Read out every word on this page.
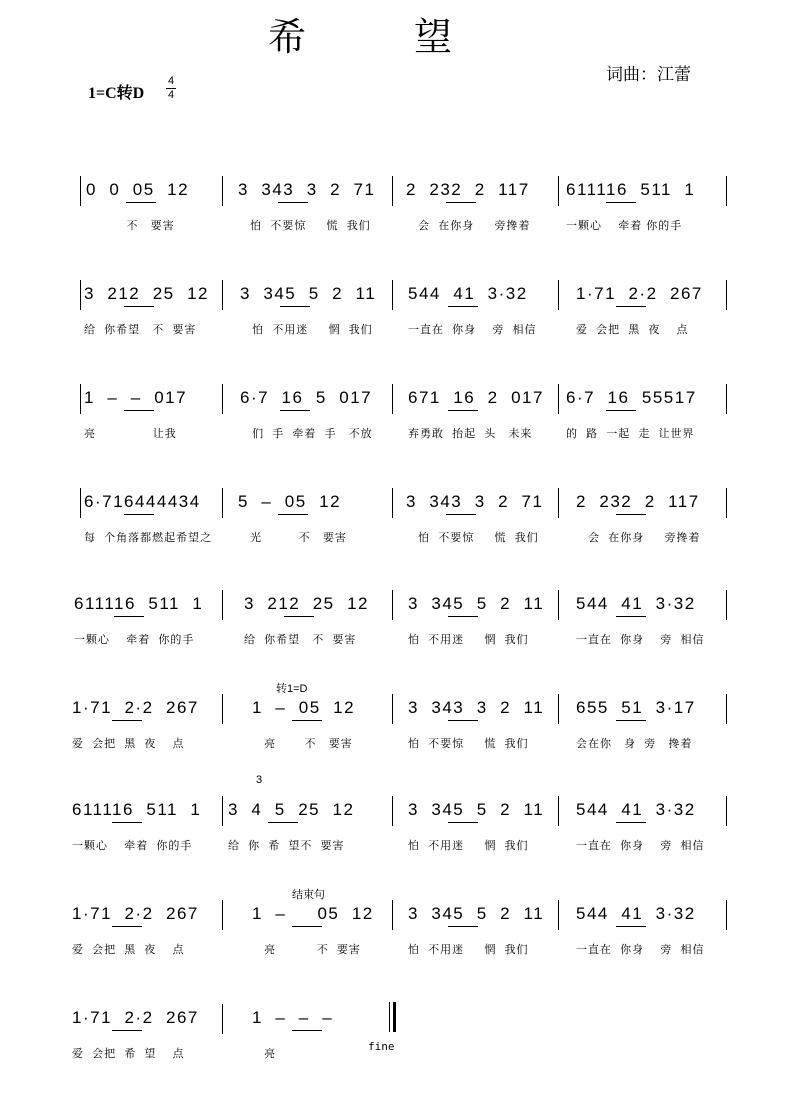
希 望
词曲：江蕾
1=C转D
4
4
0  0  05  12
不   要害
3  343  3  2  71
怕  不要惊     慌  我们
2  232  2  117
会  在你身     旁搀着
611116  511  1
一颗心    牵着 你的手
3  212  25  12
给  你希望   不  要害
3  345  5  2  11
怕  不用迷     惘  我们
544  41  3·32
一直在  你身    旁  相信
1·71  2·2  267
爱  会把  黑  夜    点
1  –  –  017
亮              让我
6·7  16  5  017
们  手  牵着  手   不放
671  16  2  017
弃勇敢  抬起  头   未来
6·7  16  55517
的  路  一起  走  让世界
6·716444434
每  个角落都燃起希望之
5  –  05  12
光         不   要害
3  343  3  2  71
怕  不要惊     慌  我们
2  232  2  117
会  在你身     旁搀着
611116  511  1
一颗心    牵着  你的手
3  212  25  12
给  你希望   不  要害
3  345  5  2  11
怕  不用迷     惘  我们
544  41  3·32
一直在  你身    旁  相信
1·71  2·2  267
爱  会把  黑  夜    点
1  –  05  12
亮       不   要害
3  343  3  2  11
怕  不要惊     慌  我们
655  51  3·17
会在你   身  旁   搀着
转1=D
611116  511  1
一颗心    牵着  你的手
3  4  5  25  12
给  你  希  望不  要害
3  345  5  2  11
怕  不用迷     惘  我们
544  41  3·32
一直在  你身    旁  相信
3
1·71  2·2  267
爱  会把  黑  夜    点
1  –     05  12
亮          不  要害
3  345  5  2  11
怕  不用迷     惘  我们
544  41  3·32
一直在  你身    旁  相信
结束句
1·71  2·2  267
爱  会把  希  望    点
1  –  –  –
亮
fine
